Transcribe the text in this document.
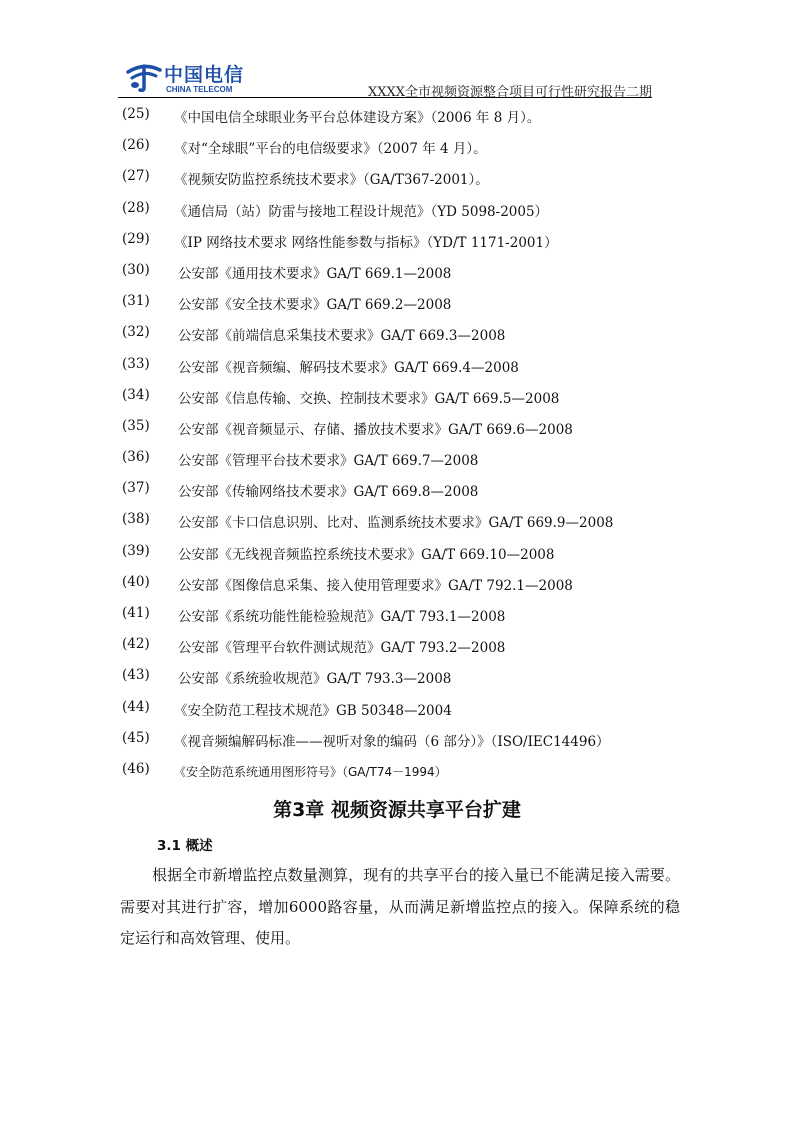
中国电信
CHINA TELECOM	XXXX全市视频资源整合项目可行性研究报告二期
(25) 《中国电信全球眼业务平台总体建设方案》（2006 年 8 月）。
(26) 《对“全球眼”平台的电信级要求》（2007 年 4 月）。
(27) 《视频安防监控系统技术要求》（GA/T367-2001）。
(28) 《通信局（站）防雷与接地工程设计规范》（YD 5098-2005）
(29) 《IP 网络技术要求 网络性能参数与指标》（YD/T 1171-2001）
(30) 公安部《通用技术要求》GA/T 669.1—2008
(31) 公安部《安全技术要求》GA/T 669.2—2008
(32) 公安部《前端信息采集技术要求》GA/T 669.3—2008
(33) 公安部《视音频编、解码技术要求》GA/T 669.4—2008
(34) 公安部《信息传输、交换、控制技术要求》GA/T 669.5—2008
(35) 公安部《视音频显示、存储、播放技术要求》GA/T 669.6—2008
(36) 公安部《管理平台技术要求》GA/T 669.7—2008
(37) 公安部《传输网络技术要求》GA/T 669.8—2008
(38) 公安部《卡口信息识别、比对、监测系统技术要求》GA/T 669.9—2008
(39) 公安部《无线视音频监控系统技术要求》GA/T 669.10—2008
(40) 公安部《图像信息采集、接入使用管理要求》GA/T 792.1—2008
(41) 公安部《系统功能性能检验规范》GA/T 793.1—2008
(42) 公安部《管理平台软件测试规范》GA/T 793.2—2008
(43) 公安部《系统验收规范》GA/T 793.3—2008
(44) 《安全防范工程技术规范》GB 50348—2004
(45) 《视音频编解码标准——视听对象的编码（6 部分）》（ISO/IEC14496）
(46) 《安全防范系统通用图形符号》（GA/T74－1994）
第3章 视频资源共享平台扩建
3.1 概述

根据全市新增监控点数量测算，现有的共享平台的接入量已不能满足接入需要。需要对其进行扩容，增加6000路容量，从而满足新增监控点的接入。保障系统的稳定运行和高效管理、使用。
